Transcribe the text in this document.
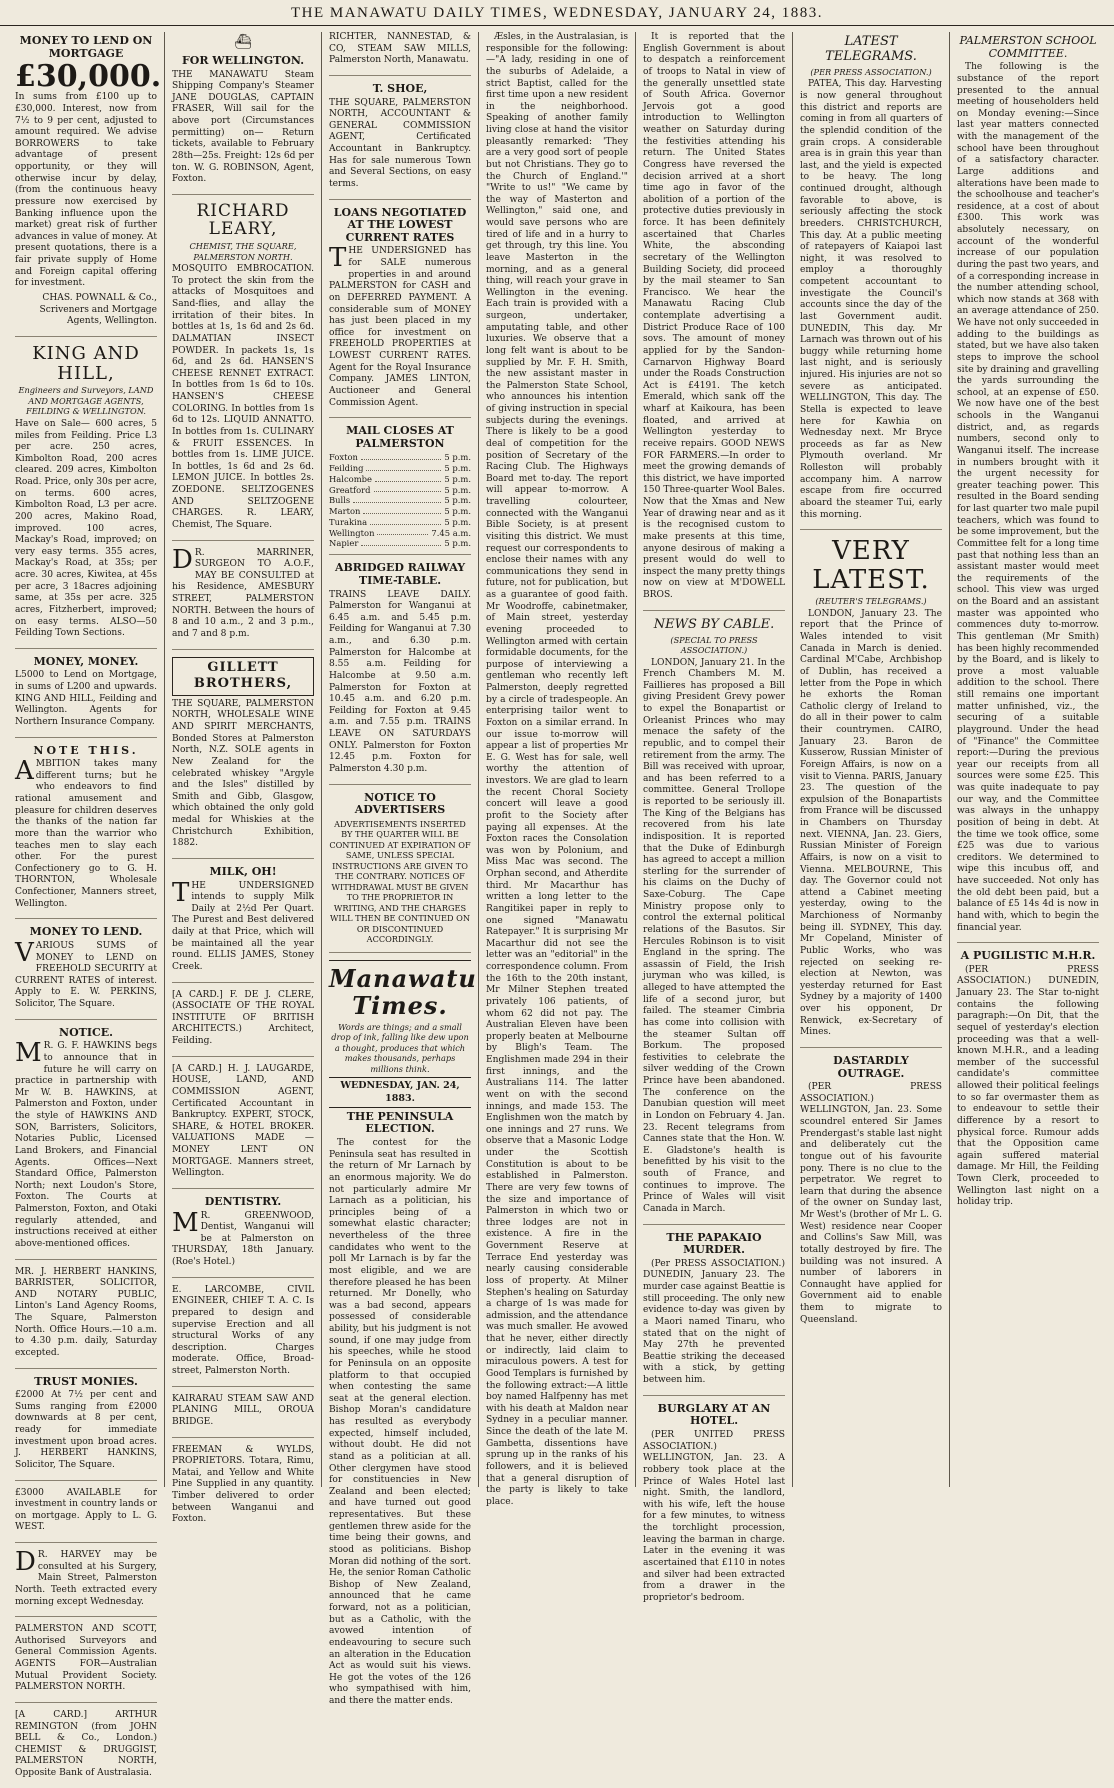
THE MANAWATU DAILY TIMES, WEDNESDAY, JANUARY 24, 1883.
MONEY TO LEND ON MORTGAGE
£30,000.

In sums from £100 up to £30,000. Interest, now from 7½ to 9 per cent, adjusted to amount required. We advise BORROWERS to take advantage of present opportunity, or they will otherwise incur by delay, (from the continuous heavy pressure now exercised by Banking influence upon the market) great risk of further advances in value of money. At present quotations, there is a fair private supply of Home and Foreign capital offering for investment.

CHAS. POWNALL & Co., Scriveners and Mortgage Agents, Wellington.

KING AND HILL,
Engineers and Surveyors, LAND AND MORTGAGE AGENTS, FEILDING & WELLINGTON.

Have on Sale— 600 acres, 5 miles from Feilding. Price L3 per acre. 250 acres, Kimbolton Road, 200 acres cleared. 209 acres, Kimbolton Road. Price, only 30s per acre, on terms. 600 acres, Kimbolton Road, L3 per acre. 200 acres, Makino Road, improved. 100 acres, Mackay's Road, improved; on very easy terms. 355 acres, Mackay's Road, at 35s; per acre. 30 acres, Kiwitea, at 45s per acre, 3 18acres adjoining same, at 35s per acre. 325 acres, Fitzherbert, improved; on easy terms. ALSO—50 Feilding Town Sections.

MONEY, MONEY.

L5000 to Lend on Mortgage, in sums of L200 and upwards. KING AND HILL, Feilding and Wellington. Agents for Northern Insurance Company.

NOTE THIS.

AMBITION takes many different turns; but he who endeavors to find rational amusement and pleasure for children deserves the thanks of the nation far more than the warrior who teaches men to slay each other. For the purest Confectionery go to G. H. THORNTON, Wholesale Confectioner, Manners street, Wellington.

MONEY TO LEND.

VARIOUS SUMS of MONEY to LEND on FREEHOLD SECURITY at CURRENT RATES of interest. Apply to E. W. PERKINS, Solicitor, The Square.

NOTICE.

MR. G. F. HAWKINS begs to announce that in future he will carry on practice in partnership with Mr W. B. HAWKINS, at Palmerston and Foxton, under the style of HAWKINS AND SON, Barristers, Solicitors, Notaries Public, Licensed Land Brokers, and Financial Agents. Offices—Next Standard Office, Palmerston North; next Loudon's Store, Foxton. The Courts at Palmerston, Foxton, and Otaki regularly attended, and instructions received at either above-mentioned offices.

MR. J. HERBERT HANKINS, BARRISTER, SOLICITOR, AND NOTARY PUBLIC, Linton's Land Agency Rooms, The Square, Palmerston North. Office Hours.—10 a.m. to 4.30 p.m. daily, Saturday excepted.

TRUST MONIES.

£2000 At 7½ per cent and Sums ranging from £2000 downwards at 8 per cent, ready for immediate investment upon broad acres. J. HERBERT HANKINS, Solicitor, The Square.

£3000 AVAILABLE for investment in country lands or on mortgage. Apply to L. G. WEST.

DR. HARVEY may be consulted at his Surgery, Main Street, Palmerston North. Teeth extracted every morning except Wednesday.

PALMERSTON AND SCOTT, Authorised Surveyors and General Commission Agents. AGENTS FOR—Australian Mutual Provident Society. PALMERSTON NORTH.

[A CARD.] ARTHUR REMINGTON (from JOHN BELL & Co., London.) CHEMIST & DRUGGIST, PALMERSTON NORTH, Opposite Bank of Australasia.

⛴
FOR WELLINGTON.

THE MANAWATU Steam Shipping Company's Steamer JANE DOUGLAS, CAPTAIN FRASER, Will sail for the above port (Circumstances permitting) on— Return tickets, available to February 28th—25s. Freight: 12s 6d per ton. W. G. ROBINSON, Agent, Foxton.

RICHARD LEARY,
CHEMIST, THE SQUARE, PALMERSTON NORTH.

MOSQUITO EMBROCATION. To protect the skin from the attacks of Mosquitoes and Sand-flies, and allay the irritation of their bites. In bottles at 1s, 1s 6d and 2s 6d. DALMATIAN INSECT POWDER. In packets 1s, 1s 6d, and 2s 6d. HANSEN'S CHEESE RENNET EXTRACT. In bottles from 1s 6d to 10s. HANSEN'S CHEESE COLORING. In bottles from 1s 6d to 12s. LIQUID ANNATTO. In bottles from 1s. CULINARY & FRUIT ESSENCES. In bottles from 1s. LIME JUICE. In bottles, 1s 6d and 2s 6d. LEMON JUICE. In bottles 2s. ZOEDONE. SELTZOGENES AND SELTZOGENE CHARGES. R. LEARY, Chemist, The Square.

DR. MARRINER, SURGEON TO A.O.F., MAY BE CONSULTED at his Residence, AMESBURY STREET, PALMERSTON NORTH. Between the hours of 8 and 10 a.m., 2 and 3 p.m., and 7 and 8 p.m.

GILLETT BROTHERS,

THE SQUARE, PALMERSTON NORTH, WHOLESALE WINE AND SPIRIT MERCHANTS, Bonded Stores at Palmerston North, N.Z. SOLE agents in New Zealand for the celebrated whiskey "Argyle and the Isles" distilled by Smith and Gibb, Glasgow, which obtained the only gold medal for Whiskies at the Christchurch Exhibition, 1882.

MILK, OH!

THE UNDERSIGNED intends to supply Milk Daily at 2½d Per Quart. The Purest and Best delivered daily at that Price, which will be maintained all the year round. ELLIS JAMES, Stoney Creek.

[A CARD.] F. DE J. CLERE, (ASSOCIATE OF THE ROYAL INSTITUTE OF BRITISH ARCHITECTS.) Architect, Feilding.

[A CARD.] H. J. LAUGARDE, HOUSE, LAND, AND COMMISSION AGENT, Certificated Accountant in Bankruptcy. EXPERT, STOCK, SHARE, & HOTEL BROKER. VALUATIONS MADE — MONEY LENT ON MORTGAGE. Manners street, Wellington.

DENTISTRY.

MR. GREENWOOD, Dentist, Wanganui will be at Palmerston on THURSDAY, 18th January. (Roe's Hotel.)

E. LARCOMBE, CIVIL ENGINEER, CHIEF T. A. C. Is prepared to design and supervise Erection and all structural Works of any description. Charges moderate. Office, Broad-street, Palmerston North.

KAIRARAU STEAM SAW AND PLANING MILL, OROUA BRIDGE.

FREEMAN & WYLDS, PROPRIETORS. Totara, Rimu, Matai, and Yellow and White Pine Supplied in any quantity. Timber delivered to order between Wanganui and Foxton.

RICHTER, NANNESTAD, & CO, STEAM SAW MILLS, Palmerston North, Manawatu.

T. SHOE,

THE SQUARE, PALMERSTON NORTH, ACCOUNTANT & GENERAL COMMISSION AGENT, Certificated Accountant in Bankruptcy. Has for sale numerous Town and Several Sections, on easy terms.

LOANS NEGOTIATED AT THE LOWEST CURRENT RATES

THE UNDERSIGNED has for SALE numerous properties in and around PALMERSTON for CASH and on DEFERRED PAYMENT. A considerable sum of MONEY has just been placed in my office for investment on FREEHOLD PROPERTIES at LOWEST CURRENT RATES. Agent for the Royal Insurance Company. JAMES LINTON, Auctioneer and General Commission Agent.

MAIL CLOSES AT PALMERSTON
Foxton	5 p.m.
Feilding	5 p.m.
Halcombe	5 p.m.
Greatford	5 p.m.
Bulls	5 p.m.
Marton	5 p.m.
Turakina	5 p.m.
Wellington	7.45 a.m.
Napier	5 p.m.
ABRIDGED RAILWAY TIME-TABLE.

TRAINS LEAVE DAILY. Palmerston for Wanganui at 6.45 a.m. and 5.45 p.m. Feilding for Wanganui at 7.30 a.m., and 6.30 p.m. Palmerston for Halcombe at 8.55 a.m. Feilding for Halcombe at 9.50 a.m. Palmerston for Foxton at 10.45 a.m. and 6.20 p.m. Feilding for Foxton at 9.45 a.m. and 7.55 p.m. TRAINS LEAVE ON SATURDAYS ONLY. Palmerston for Foxton 12.45 p.m. Foxton for Palmerston 4.30 p.m.

NOTICE TO ADVERTISERS
ADVERTISEMENTS INSERTED BY THE QUARTER WILL BE CONTINUED AT EXPIRATION OF SAME, UNLESS SPECIAL INSTRUCTIONS ARE GIVEN TO THE CONTRARY. NOTICES OF WITHDRAWAL MUST BE GIVEN TO THE PROPRIETOR IN WRITING, AND THE CHARGES WILL THEN BE CONTINUED ON OR DISCONTINUED ACCORDINGLY.
Manawatu Times.
Words are things; and a small drop of ink, falling like dew upon a thought, produces that which makes thousands, perhaps millions think.
WEDNESDAY, JAN. 24, 1883.
THE PENINSULA ELECTION.

The contest for the Peninsula seat has resulted in the return of Mr Larnach by an enormous majority. We do not particularly admire Mr Larnach as a politician, his principles being of a somewhat elastic character; nevertheless of the three candidates who went to the poll Mr Larnach is by far the most eligible, and we are therefore pleased he has been returned. Mr Donelly, who was a bad second, appears possessed of considerable ability, but his judgment is not sound, if one may judge from his speeches, while he stood for Peninsula on an opposite platform to that occupied when contesting the same seat at the general election. Bishop Moran's candidature has resulted as everybody expected, himself included, without doubt. He did not stand as a politician at all. Other clergymen have stood for constituencies in New Zealand and been elected; and have turned out good representatives. But these gentlemen threw aside for the time being their gowns, and stood as politicians. Bishop Moran did nothing of the sort. He, the senior Roman Catholic Bishop of New Zealand, announced that he came forward, not as a politician, but as a Catholic, with the avowed intention of endeavouring to secure such an alteration in the Education Act as would suit his views. He got the votes of the 126 who sympathised with him, and there the matter ends.

Æsles, in the Australasian, is responsible for the following:—"A lady, residing in one of the suburbs of Adelaide, a strict Baptist, called for the first time upon a new resident in the neighborhood. Speaking of another family living close at hand the visitor pleasantly remarked: 'They are a very good sort of people but not Christians. They go to the Church of England.'" "Write to us!" "We came by the way of Masterton and Wellington," said one, and would save persons who are tired of life and in a hurry to get through, try this line. You leave Masterton in the morning, and as a general thing, will reach your grave in Wellington in the evening. Each train is provided with a surgeon, undertaker, amputating table, and other luxuries. We observe that a long felt want is about to be supplied by Mr. F. H. Smith, the new assistant master in the Palmerston State School, who announces his intention of giving instruction in special subjects during the evenings. There is likely to be a good deal of competition for the position of Secretary of the Racing Club. The Highways Board met to-day. The report will appear to-morrow. A travelling colourteer, connected with the Wanganui Bible Society, is at present visiting this district. We must request our correspondents to enclose their names with any communications they send in future, not for publication, but as a guarantee of good faith. Mr Woodroffe, cabinetmaker, of Main street, yesterday evening proceeded to Wellington armed with certain formidable documents, for the purpose of interviewing a gentleman who recently left Palmerston, deeply regretted by a circle of tradespeople. An enterprising tailor went to Foxton on a similar errand. In our issue to-morrow will appear a list of properties Mr E. G. West has for sale, well worthy the attention of investors. We are glad to learn the recent Choral Society concert will leave a good profit to the Society after paying all expenses. At the Foxton races the Consolation was won by Polonium, and Miss Mac was second. The Orphan second, and Atherdite third. Mr Macarthur has written a long letter to the Rangitikei paper in reply to one signed "Manawatu Ratepayer." It is surprising Mr Macarthur did not see the letter was an "editorial" in the correspondence column. From the 16th to the 20th instant, Mr Milner Stephen treated privately 106 patients, of whom 62 did not pay. The Australian Eleven have been properly beaten at Melbourne by Bligh's Team. The Englishmen made 294 in their first innings, and the Australians 114. The latter went on with the second innings, and made 153. The Englishmen won the match by one innings and 27 runs. We observe that a Masonic Lodge under the Scottish Constitution is about to be established in Palmerston. There are very few towns of the size and importance of Palmerston in which two or three lodges are not in existence. A fire in the Government Reserve at Terrace End yesterday was nearly causing considerable loss of property. At Milner Stephen's healing on Saturday a charge of 1s was made for admission, and the attendance was much smaller. He avowed that he never, either directly or indirectly, laid claim to miraculous powers. A test for Good Templars is furnished by the following extract:—A little boy named Halfpenny has met with his death at Maldon near Sydney in a peculiar manner. Since the death of the late M. Gambetta, dissentions have sprung up in the ranks of his followers, and it is believed that a general disruption of the party is likely to take place.

It is reported that the English Government is about to despatch a reinforcement of troops to Natal in view of the generally unsettled state of South Africa. Governor Jervois got a good introduction to Wellington weather on Saturday during the festivities attending his return. The United States Congress have reversed the decision arrived at a short time ago in favor of the abolition of a portion of the protective duties previously in force. It has been definitely ascertained that Charles White, the absconding secretary of the Wellington Building Society, did proceed by the mail steamer to San Francisco. We hear the Manawatu Racing Club contemplate advertising a District Produce Race of 100 sovs. The amount of money applied for by the Sandon-Carnarvon Highway Board under the Roads Construction Act is £4191. The ketch Emerald, which sank off the wharf at Kaikoura, has been floated, and arrived at Wellington yesterday to receive repairs. GOOD NEWS FOR FARMERS.—In order to meet the growing demands of this district, we have imported 150 Three-quarter Wool Bales. Now that the Xmas and New Year of drawing near and as it is the recognised custom to make presents at this time, anyone desirous of making a present would do well to inspect the many pretty things now on view at M'DOWELL BROS.

NEWS BY CABLE.
(SPECIAL TO PRESS ASSOCIATION.)

LONDON, January 21. In the French Chambers M. M. Faillieres has proposed a Bill giving President Grevy power to expel the Bonapartist or Orleanist Princes who may menace the safety of the republic, and to compel their retirement from the army. The Bill was received with uproar, and has been referred to a committee. General Trollope is reported to be seriously ill. The King of the Belgians has recovered from his late indisposition. It is reported that the Duke of Edinburgh has agreed to accept a million sterling for the surrender of his claims on the Duchy of Saxe-Coburg. The Cape Ministry propose only to control the external political relations of the Basutos. Sir Hercules Robinson is to visit England in the spring. The assassin of Field, the Irish juryman who was killed, is alleged to have attempted the life of a second juror, but failed. The steamer Cimbria has come into collision with the steamer Sultan off Borkum. The proposed festivities to celebrate the silver wedding of the Crown Prince have been abandoned. The conference on the Danubian question will meet in London on February 4. Jan. 23. Recent telegrams from Cannes state that the Hon. W. E. Gladstone's health is benefitted by his visit to the south of France, and continues to improve. The Prince of Wales will visit Canada in March.

THE PAPAKAIO MURDER.

(Per PRESS ASSOCIATION.) DUNEDIN, January 23. The murder case against Beattie is still proceeding. The only new evidence to-day was given by a Maori named Tinaru, who stated that on the night of May 27th he prevented Beattie striking the deceased with a stick, by getting between him.

BURGLARY AT AN HOTEL.

(PER UNITED PRESS ASSOCIATION.) WELLINGTON, Jan. 23. A robbery took place at the Prince of Wales Hotel last night. Smith, the landlord, with his wife, left the house for a few minutes, to witness the torchlight procession, leaving the barman in charge. Later in the evening it was ascertained that £110 in notes and silver had been extracted from a drawer in the proprietor's bedroom.

LATEST TELEGRAMS.
(PER PRESS ASSOCIATION.)

PATEA, This day. Harvesting is now general throughout this district and reports are coming in from all quarters of the splendid condition of the grain crops. A considerable area is in grain this year than last, and the yield is expected to be heavy. The long continued drought, although favorable to above, is seriously affecting the stock breeders. CHRISTCHURCH, This day. At a public meeting of ratepayers of Kaiapoi last night, it was resolved to employ a thoroughly competent accountant to investigate the Council's accounts since the day of the last Government audit. DUNEDIN, This day. Mr Larnach was thrown out of his buggy while returning home last night, and is seriously injured. His injuries are not so severe as anticipated. WELLINGTON, This day. The Stella is expected to leave here for Kawhia on Wednesday next. Mr Bryce proceeds as far as New Plymouth overland. Mr Rolleston will probably accompany him. A narrow escape from fire occurred aboard the steamer Tui, early this morning.

VERY LATEST.
(REUTER'S TELEGRAMS.)

LONDON, January 23. The report that the Prince of Wales intended to visit Canada in March is denied. Cardinal M'Cabe, Archbishop of Dublin, has received a letter from the Pope in which he exhorts the Roman Catholic clergy of Ireland to do all in their power to calm their countrymen. CAIRO, January 23. Baron de Kusserow, Russian Minister of Foreign Affairs, is now on a visit to Vienna. PARIS, January 23. The question of the expulsion of the Bonapartists from France will be discussed in Chambers on Thursday next. VIENNA, Jan. 23. Giers, Russian Minister of Foreign Affairs, is now on a visit to Vienna. MELBOURNE, This day. The Governor could not attend a Cabinet meeting yesterday, owing to the Marchioness of Normanby being ill. SYDNEY, This day. Mr Copeland, Minister of Public Works, who was rejected on seeking re-election at Newton, was yesterday returned for East Sydney by a majority of 1400 over his opponent, Dr Renwick, ex-Secretary of Mines.

DASTARDLY OUTRAGE.

(PER PRESS ASSOCIATION.) WELLINGTON, Jan. 23. Some scoundrel entered Sir James Prendergast's stable last night and deliberately cut the tongue out of his favourite pony. There is no clue to the perpetrator. We regret to learn that during the absence of the owner on Sunday last, Mr West's (brother of Mr L. G. West) residence near Cooper and Collins's Saw Mill, was totally destroyed by fire. The building was not insured. A number of laborers in Connaught have applied for Government aid to enable them to migrate to Queensland.

PALMERSTON SCHOOL COMMITTEE.

The following is the substance of the report presented to the annual meeting of householders held on Monday evening:—Since last year matters connected with the management of the school have been throughout of a satisfactory character. Large additions and alterations have been made to the schoolhouse and teacher's residence, at a cost of about £300. This work was absolutely necessary, on account of the wonderful increase of our population during the past two years, and of a corresponding increase in the number attending school, which now stands at 368 with an average attendance of 250. We have not only succeeded in adding to the buildings as stated, but we have also taken steps to improve the school site by draining and gravelling the yards surrounding the school, at an expense of £50. We now have one of the best schools in the Wanganui district, and, as regards numbers, second only to Wanganui itself. The increase in numbers brought with it the urgent necessity for greater teaching power. This resulted in the Board sending for last quarter two male pupil teachers, which was found to be some improvement, but the Committee felt for a long time past that nothing less than an assistant master would meet the requirements of the school. This view was urged on the Board and an assistant master was appointed who commences duty to-morrow. This gentleman (Mr Smith) has been highly recommended by the Board, and is likely to prove a most valuable addition to the school. There still remains one important matter unfinished, viz., the securing of a suitable playground. Under the head of "Finance" the Committee report:—During the previous year our receipts from all sources were some £25. This was quite inadequate to pay our way, and the Committee was always in the unhappy position of being in debt. At the time we took office, some £25 was due to various creditors. We determined to wipe this incubus off, and have succeeded. Not only has the old debt been paid, but a balance of £5 14s 4d is now in hand with, which to begin the financial year.

A PUGILISTIC M.H.R.

(PER PRESS ASSOCIATION.) DUNEDIN, January 23. The Star to-night contains the following paragraph:—On Dit, that the sequel of yesterday's election proceeding was that a well-known M.H.R., and a leading member of the successful candidate's committee allowed their political feelings to so far overmaster them as to endeavour to settle their difference by a resort to physical force. Rumour adds that the Opposition came again suffered material damage. Mr Hill, the Feilding Town Clerk, proceeded to Wellington last night on a holiday trip.
